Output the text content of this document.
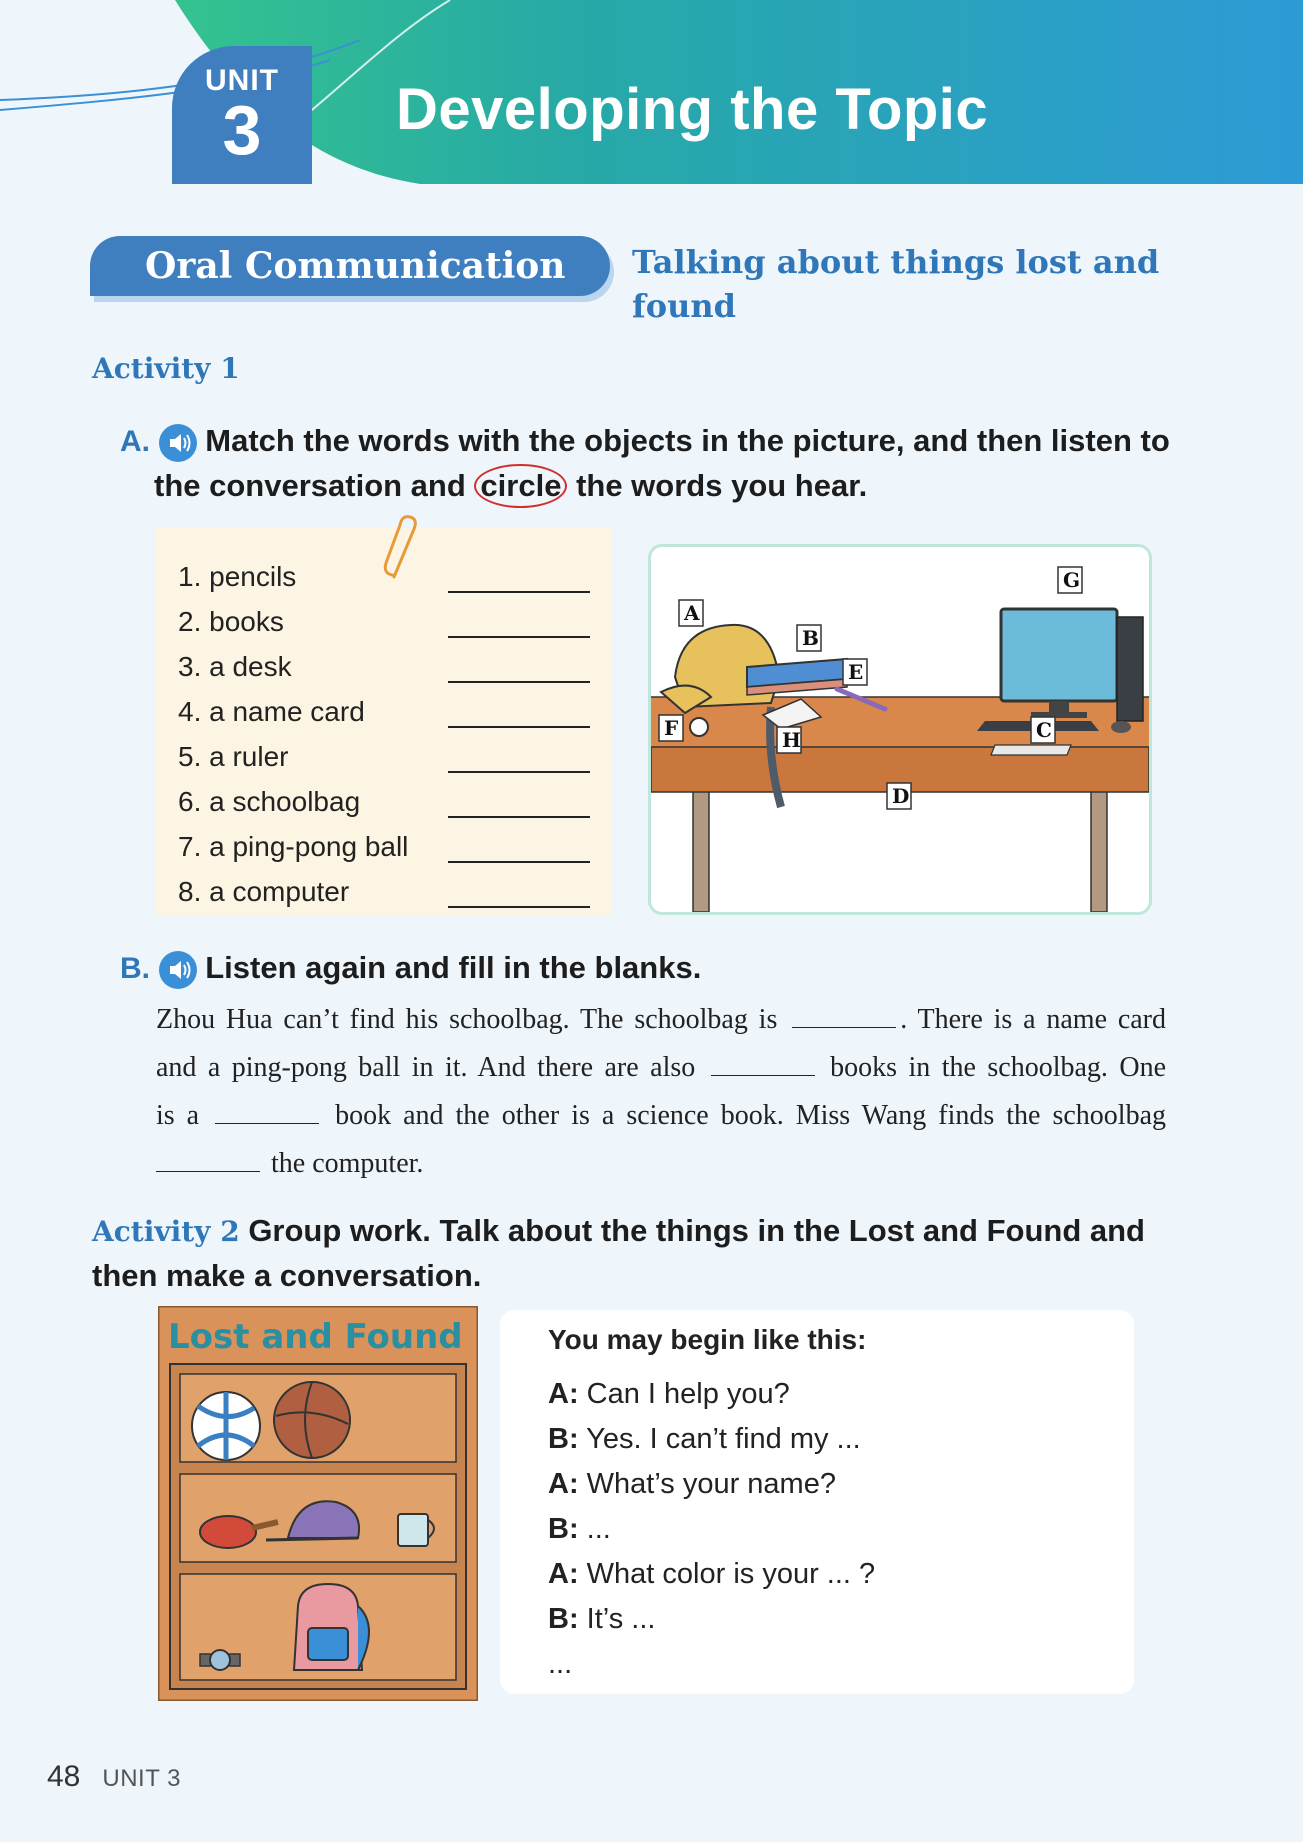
UNIT
3	Developing the Topic
Oral Communication	Talking about things lost and found
Activity 1
A. Match the words with the objects in the picture, and then listen to
the conversation and circle the words you hear.
1. pencils
2. books
3. a desk
4. a name card
5. a ruler
6. a schoolbag
7. a ping-pong ball
8. a computer
A
B
C
D
E
F
G
H
B. Listen again and fill in the blanks.
Zhou Hua can’t find his schoolbag. The schoolbag is	. There is a name card
and a ping-pong ball in it. And there are also	books in the schoolbag. One
is a	book and the other is a science book. Miss Wang finds the schoolbag
the computer.
Activity 2 Group work. Talk about the things in the Lost and Found and
then make a conversation.
Lost and Found	You may begin like this:
A: Can I help you?
B: Yes. I can’t find my ...
A: What’s your name?
B: ...
A: What color is your ... ?
B: It’s ...
...
48 UNIT 3
